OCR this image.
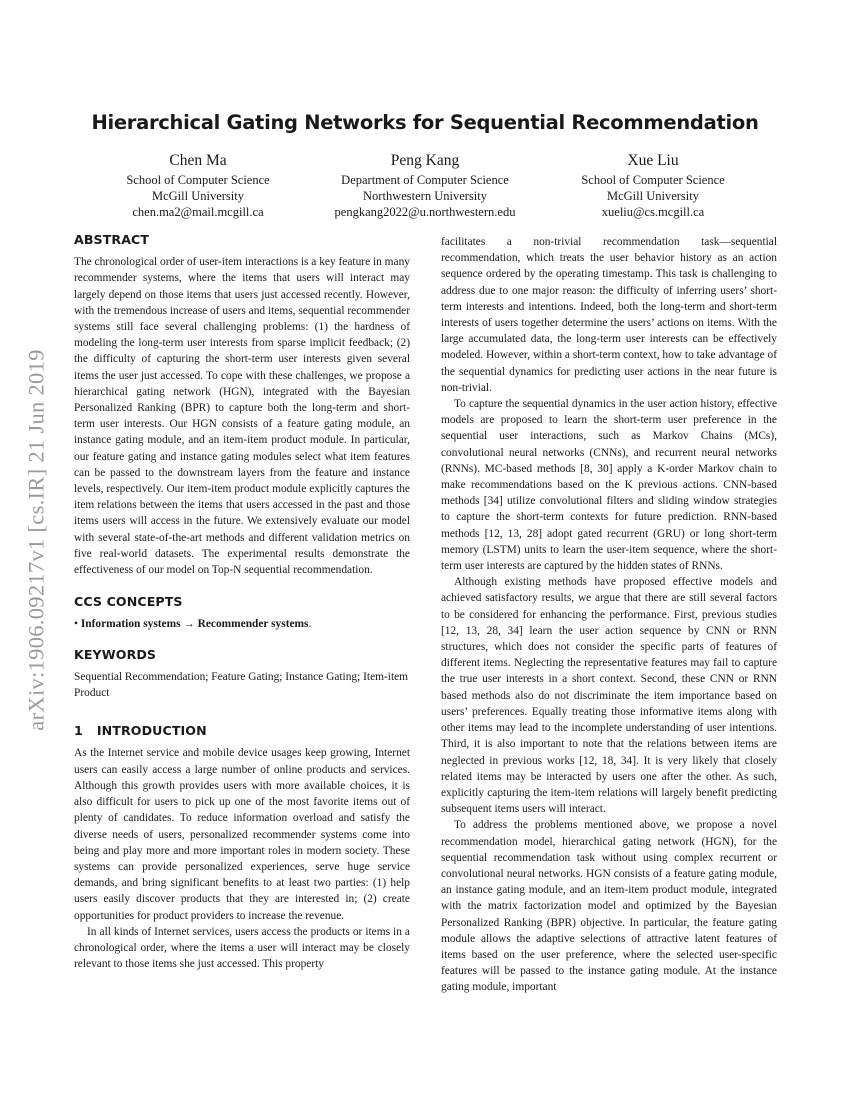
arXiv:1906.09217v1 [cs.IR] 21 Jun 2019
Hierarchical Gating Networks for Sequential Recommendation
Chen Ma
School of Computer Science
McGill University
chen.ma2@mail.mcgill.ca
Peng Kang
Department of Computer Science
Northwestern University
pengkang2022@u.northwestern.edu
Xue Liu
School of Computer Science
McGill University
xueliu@cs.mcgill.ca
ABSTRACT

The chronological order of user-item interactions is a key feature in many recommender systems, where the items that users will interact may largely depend on those items that users just accessed recently. However, with the tremendous increase of users and items, sequential recommender systems still face several challenging problems: (1) the hardness of modeling the long-term user interests from sparse implicit feedback; (2) the difficulty of capturing the short-term user interests given several items the user just accessed. To cope with these challenges, we propose a hierarchical gating network (HGN), integrated with the Bayesian Personalized Ranking (BPR) to capture both the long-term and short-term user interests. Our HGN consists of a feature gating module, an instance gating module, and an item-item product module. In particular, our feature gating and instance gating modules select what item features can be passed to the downstream layers from the feature and instance levels, respectively. Our item-item product module explicitly captures the item relations between the items that users accessed in the past and those items users will access in the future. We extensively evaluate our model with several state-of-the-art methods and different validation metrics on five real-world datasets. The experimental results demonstrate the effectiveness of our model on Top-N sequential recommendation.

CCS CONCEPTS

• Information systems → Recommender systems.

KEYWORDS

Sequential Recommendation; Feature Gating; Instance Gating; Item-item Product

1 INTRODUCTION

As the Internet service and mobile device usages keep growing, Internet users can easily access a large number of online products and services. Although this growth provides users with more available choices, it is also difficult for users to pick up one of the most favorite items out of plenty of candidates. To reduce information overload and satisfy the diverse needs of users, personalized recommender systems come into being and play more and more important roles in modern society. These systems can provide personalized experiences, serve huge service demands, and bring significant benefits to at least two parties: (1) help users easily discover products that they are interested in; (2) create opportunities for product providers to increase the revenue.

In all kinds of Internet services, users access the products or items in a chronological order, where the items a user will interact may be closely relevant to those items she just accessed. This property

facilitates a non-trivial recommendation task—sequential recommendation, which treats the user behavior history as an action sequence ordered by the operating timestamp. This task is challenging to address due to one major reason: the difficulty of inferring users’ short-term interests and intentions. Indeed, both the long-term and short-term interests of users together determine the users’ actions on items. With the large accumulated data, the long-term user interests can be effectively modeled. However, within a short-term context, how to take advantage of the sequential dynamics for predicting user actions in the near future is non-trivial.

To capture the sequential dynamics in the user action history, effective models are proposed to learn the short-term user preference in the sequential user interactions, such as Markov Chains (MCs), convolutional neural networks (CNNs), and recurrent neural networks (RNNs). MC-based methods [8, 30] apply a K-order Markov chain to make recommendations based on the K previous actions. CNN-based methods [34] utilize convolutional filters and sliding window strategies to capture the short-term contexts for future prediction. RNN-based methods [12, 13, 28] adopt gated recurrent (GRU) or long short-term memory (LSTM) units to learn the user-item sequence, where the short-term user interests are captured by the hidden states of RNNs.

Although existing methods have proposed effective models and achieved satisfactory results, we argue that there are still several factors to be considered for enhancing the performance. First, previous studies [12, 13, 28, 34] learn the user action sequence by CNN or RNN structures, which does not consider the specific parts of features of different items. Neglecting the representative features may fail to capture the true user interests in a short context. Second, these CNN or RNN based methods also do not discriminate the item importance based on users’ preferences. Equally treating those informative items along with other items may lead to the incomplete understanding of user intentions. Third, it is also important to note that the relations between items are neglected in previous works [12, 18, 34]. It is very likely that closely related items may be interacted by users one after the other. As such, explicitly capturing the item-item relations will largely benefit predicting subsequent items users will interact.

To address the problems mentioned above, we propose a novel recommendation model, hierarchical gating network (HGN), for the sequential recommendation task without using complex recurrent or convolutional neural networks. HGN consists of a feature gating module, an instance gating module, and an item-item product module, integrated with the matrix factorization model and optimized by the Bayesian Personalized Ranking (BPR) objective. In particular, the feature gating module allows the adaptive selections of attractive latent features of items based on the user preference, where the selected user-specific features will be passed to the instance gating module. At the instance gating module, important
